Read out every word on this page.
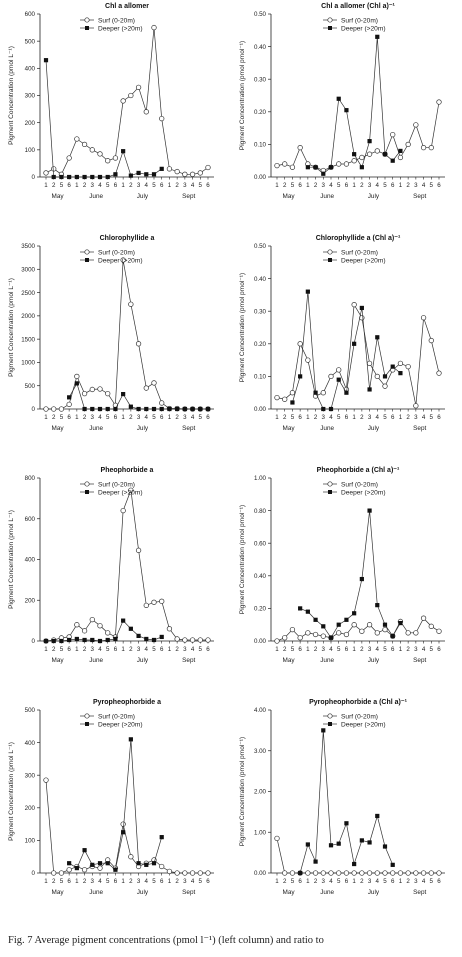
Chl a allomer
0
100
200
300
400
500
600
Pigment Concentration (pmol L⁻¹)
1 2 5 6 1 2 3 4 5 6 1 2 3 4 5 6 1 2 3 4 5 6
May	June	July	Sept
Surf (0-20m)
Deeper (>20m)
Chl a allomer (Chl a)⁻¹
0.00
0.10
0.20
0.30
0.40
0.50
Pigment Concentration (pmol pmol⁻¹)
1 2 5 6 1 2 3 4 5 6 1 2 3 4 5 6 1 2 3 4 5 6
May	June	July	Sept
Surf (0-20m)
Deeper (>20m)
Chlorophyllide a
0
500
1000
1500
2000
2500
3000
3500
Pigment Concentration (pmol L⁻¹)
1 2 5 6 1 2 3 4 5 6 1 2 3 4 5 6 1 2 3 4 5 6
May	June	July	Sept
Surf (0-20m)
Deeper (>20m)
Chlorophyllide a (Chl a)⁻¹
0.00
0.10
0.20
0.30
0.40
0.50
Pigment Concentration (pmol pmol⁻¹)
1 2 5 6 1 2 3 4 5 6 1 2 3 4 5 6 1 2 3 4 5 6
May	June	July	Sept
Surf (0-20m)
Deeper (>20m)
Pheophorbide a
0
200
400
600
800
Pigment Concentration (pmol L⁻¹)
1 2 5 6 1 2 3 4 5 6 1 2 3 4 5 6 1 2 3 4 5 6
May	June	July	Sept
Surf (0-20m)
Deeper (>20m)
Pheophorbide a (Chl a)⁻¹
0.00
0.20
0.40
0.60
0.80
1.00
Pigment Concentration (pmol pmol⁻¹)
1 2 5 6 1 2 3 4 5 6 1 2 3 4 5 6 1 2 3 4 5 6
May	June	July	Sept
Surf (0-20m)
Deeper (>20m)
Pyropheophorbide a
0
100
200
300
400
500
Pigment Concentration (pmol L⁻¹)
1 2 5 6 1 2 3 4 5 6 1 2 3 4 5 6 1 2 3 4 5 6
May	June	July	Sept
Surf (0-20m)
Deeper (>20m)
Pyropheophorbide a (Chl a)⁻¹
0.00
1.00
2.00
3.00
4.00
Pigment Concentration (pmol pmol⁻¹)
1 2 5 6 1 2 3 4 5 6 1 2 3 4 5 6 1 2 3 4 5 6
May	June	July	Sept
Surf (0-20m)
Deeper (>20m)
Fig. 7 Average pigment concentrations (pmol l⁻¹) (left column) and ratio to
